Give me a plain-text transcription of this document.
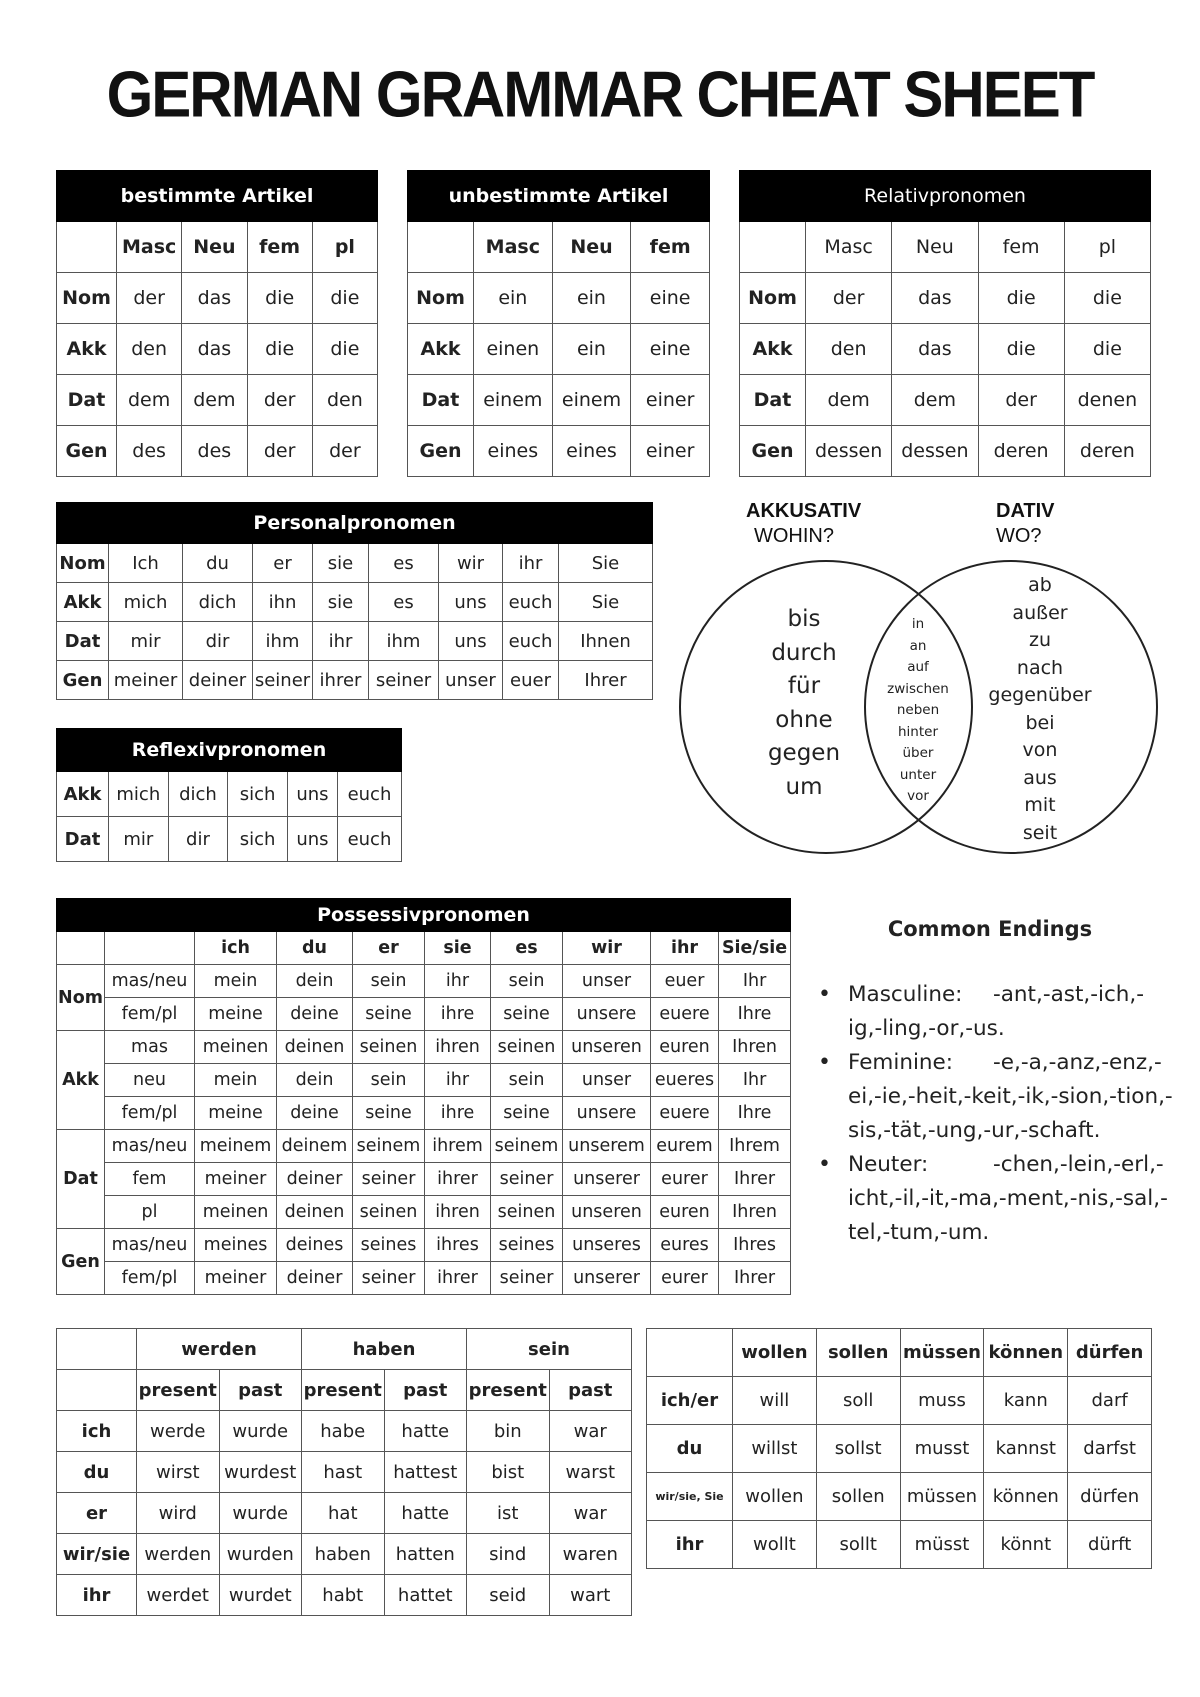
GERMAN GRAMMAR CHEAT SHEET
bestimmte Artikel				
	Masc	Neu	fem	pl
Nom	der	das	die	die
Akk	den	das	die	die
Dat	dem	dem	der	den
Gen	des	des	der	der
unbestimmte Artikel			
	Masc	Neu	fem
Nom	ein	ein	eine
Akk	einen	ein	eine
Dat	einem	einem	einer
Gen	eines	eines	einer
Relativpronomen				
	Masc	Neu	fem	pl
Nom	der	das	die	die
Akk	den	das	die	die
Dat	dem	dem	der	denen
Gen	dessen	dessen	deren	deren
Personalpronomen								
Nom	Ich	du	er	sie	es	wir	ihr	Sie
Akk	mich	dich	ihn	sie	es	uns	euch	Sie
Dat	mir	dir	ihm	ihr	ihm	uns	euch	Ihnen
Gen	meiner	deiner	seiner	ihrer	seiner	unser	euer	Ihrer
Reflexivpronomen					
Akk	mich	dich	sich	uns	euch
Dat	mir	dir	sich	uns	euch
AKKUSATIV
WOHIN?
DATIV
WO?
bis
durch
für
ohne
gegen
um
in
an
auf
zwischen
neben
hinter
über
unter
vor
ab
außer
zu
nach
gegenüber
bei
von
aus
mit
seit
Possessivpronomen									
		ich	du	er	sie	es	wir	ihr	Sie/sie
Nom	mas/neu	mein	dein	sein	ihr	sein	unser	euer	Ihr
	fem/pl	meine	deine	seine	ihre	seine	unsere	euere	Ihre
Akk	mas	meinen	deinen	seinen	ihren	seinen	unseren	euren	Ihren
	neu	mein	dein	sein	ihr	sein	unser	eueres	Ihr
	fem/pl	meine	deine	seine	ihre	seine	unsere	euere	Ihre
Dat	mas/neu	meinem	deinem	seinem	ihrem	seinem	unserem	eurem	Ihrem
	fem	meiner	deiner	seiner	ihrer	seiner	unserer	eurer	Ihrer
	pl	meinen	deinen	seinen	ihren	seinen	unseren	euren	Ihren
Gen	mas/neu	meines	deines	seines	ihres	seines	unseres	eures	Ihres
	fem/pl	meiner	deiner	seiner	ihrer	seiner	unserer	eurer	Ihrer
Common Endings
• Masculine: -ant,-ast,-ich,-ig,-ling,-or,-us.
• Feminine: -e,-a,-anz,-enz,-ei,-ie,-heit,-keit,-ik,-sion,-tion,-sis,-tät,-ung,-ur,-schaft.
• Neuter:	-chen,-lein,-erl,-icht,-il,-it,-ma,-ment,-nis,-sal,-tel,-tum,-um.
	werden		haben		sein	
	present	past	present	past	present	past
ich	werde	wurde	habe	hatte	bin	war
du	wirst	wurdest	hast	hattest	bist	warst
er	wird	wurde	hat	hatte	ist	war
wir/sie	werden	wurden	haben	hatten	sind	waren
ihr	werdet	wurdet	habt	hattet	seid	wart
	wollen	sollen	müssen	können	dürfen
ich/er	will	soll	muss	kann	darf
du	willst	sollst	musst	kannst	darfst
wir/sie, Sie	wollen	sollen	müssen	können	dürfen
ihr	wollt	sollt	müsst	könnt	dürft
